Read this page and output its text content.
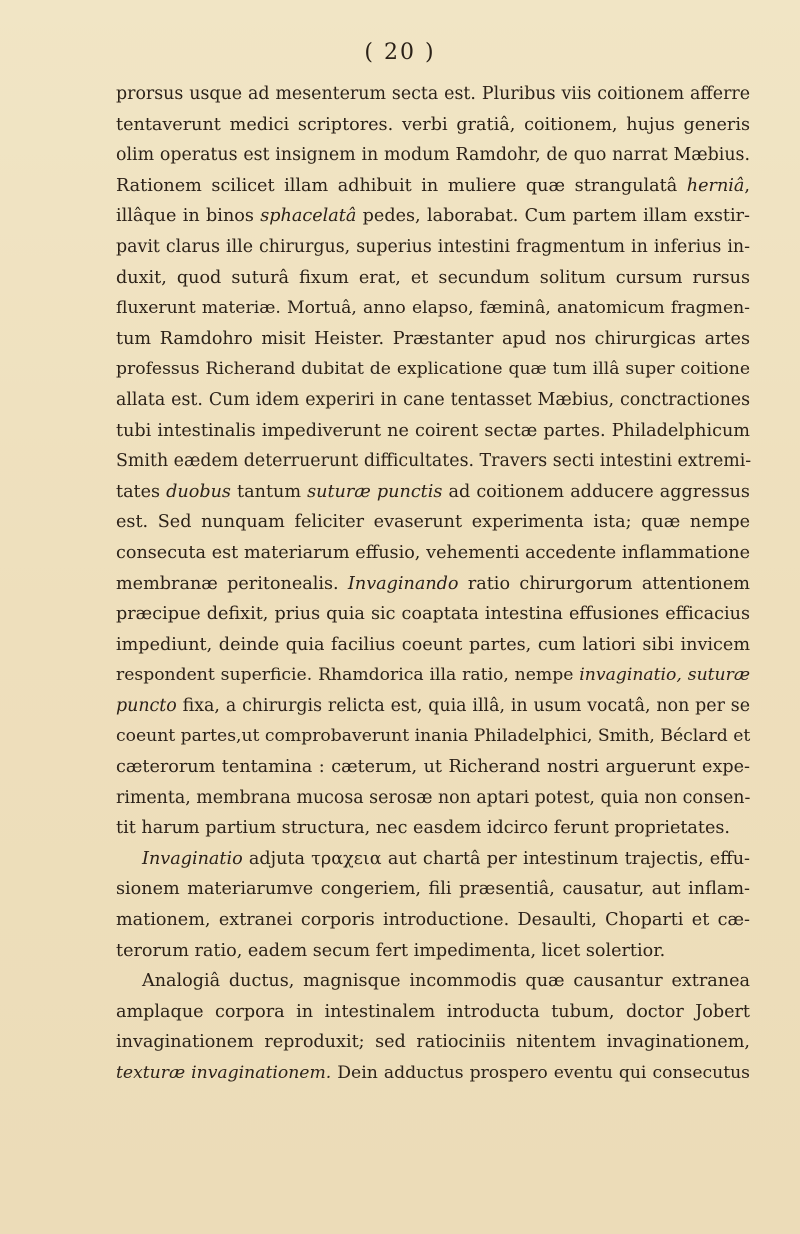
( 20 )
prorsus usque ad mesenterum secta est. Pluribus viis coitionem afferre
tentaverunt medici scriptores. verbi gratiâ, coitionem, hujus generis
olim operatus est insignem in modum Ramdohr, de quo narrat Mæbius.
Rationem scilicet illam adhibuit in muliere quæ strangulatâ herniâ,
illâque in binos sphacelatâ pedes, laborabat. Cum partem illam exstir-
pavit clarus ille chirurgus, superius intestini fragmentum in inferius in-
duxit, quod suturâ fixum erat, et secundum solitum cursum rursus
fluxerunt materiæ. Mortuâ, anno elapso, fæminâ, anatomicum fragmen-
tum Ramdohro misit Heister. Præstanter apud nos chirurgicas artes
professus Richerand dubitat de explicatione quæ tum illâ super coitione
allata est. Cum idem experiri in cane tentasset Mæbius, conctractiones
tubi intestinalis impediverunt ne coirent sectæ partes. Philadelphicum
Smith eædem deterruerunt difficultates. Travers secti intestini extremi-
tates duobus tantum suturæ punctis ad coitionem adducere aggressus
est. Sed nunquam feliciter evaserunt experimenta ista; quæ nempe
consecuta est materiarum effusio, vehementi accedente inflammatione
membranæ peritonealis. Invaginando ratio chirurgorum attentionem
præcipue defixit, prius quia sic coaptata intestina effusiones efficacius
impediunt, deinde quia facilius coeunt partes, cum latiori sibi invicem
respondent superficie. Rhamdorica illa ratio, nempe invaginatio, suturæ
puncto fixa, a chirurgis relicta est, quia illâ, in usum vocatâ, non per se
coeunt partes,ut comprobaverunt inania Philadelphici, Smith, Béclard et
cæterorum tentamina : cæterum, ut Richerand nostri arguerunt expe-
rimenta, membrana mucosa serosæ non aptari potest, quia non consen-
tit harum partium structura, nec easdem idcirco ferunt proprietates.
Invaginatio adjuta τραχεια aut chartâ per intestinum trajectis, effu-
sionem materiarumve congeriem, fili præsentiâ, causatur, aut inflam-
mationem, extranei corporis introductione. Desaulti, Choparti et cæ-
terorum ratio, eadem secum fert impedimenta, licet solertior.
Analogiâ ductus, magnisque incommodis quæ causantur extranea
amplaque corpora in intestinalem introducta tubum, doctor Jobert
invaginationem reproduxit; sed ratiociniis nitentem invaginationem,
texturæ invaginationem. Dein adductus prospero eventu qui consecutus
